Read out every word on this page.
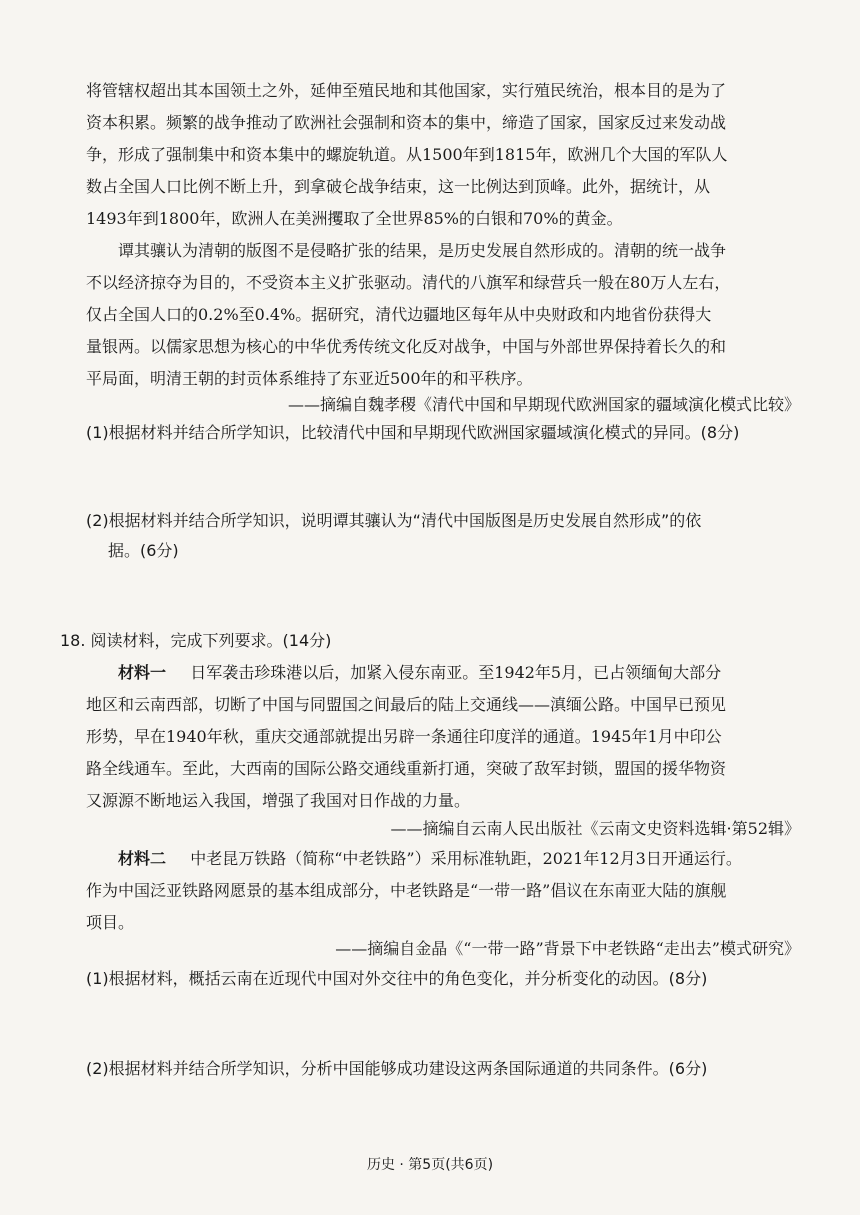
将管辖权超出其本国领土之外，延伸至殖民地和其他国家，实行殖民统治，根本目的是为了
资本积累。频繁的战争推动了欧洲社会强制和资本的集中，缔造了国家，国家反过来发动战
争，形成了强制集中和资本集中的螺旋轨道。从1500年到1815年，欧洲几个大国的军队人
数占全国人口比例不断上升，到拿破仑战争结束，这一比例达到顶峰。此外，据统计，从
1493年到1800年，欧洲人在美洲攫取了全世界85%的白银和70%的黄金。
谭其骧认为清朝的版图不是侵略扩张的结果，是历史发展自然形成的。清朝的统一战争
不以经济掠夺为目的，不受资本主义扩张驱动。清代的八旗军和绿营兵一般在80万人左右，
仅占全国人口的0.2%至0.4%。据研究，清代边疆地区每年从中央财政和内地省份获得大
量银两。以儒家思想为核心的中华优秀传统文化反对战争，中国与外部世界保持着长久的和
平局面，明清王朝的封贡体系维持了东亚近500年的和平秩序。
——摘编自魏孝稷《清代中国和早期现代欧洲国家的疆域演化模式比较》
(1)根据材料并结合所学知识，比较清代中国和早期现代欧洲国家疆域演化模式的异同。(8分)
(2)根据材料并结合所学知识，说明谭其骧认为“清代中国版图是历史发展自然形成”的依
据。(6分)
18. 阅读材料，完成下列要求。(14分)
材料一 日军袭击珍珠港以后，加紧入侵东南亚。至1942年5月，已占领缅甸大部分
地区和云南西部，切断了中国与同盟国之间最后的陆上交通线——滇缅公路。中国早已预见
形势，早在1940年秋，重庆交通部就提出另辟一条通往印度洋的通道。1945年1月中印公
路全线通车。至此，大西南的国际公路交通线重新打通，突破了敌军封锁，盟国的援华物资
又源源不断地运入我国，增强了我国对日作战的力量。
——摘编自云南人民出版社《云南文史资料选辑·第52辑》
材料二 中老昆万铁路（简称“中老铁路”）采用标准轨距，2021年12月3日开通运行。
作为中国泛亚铁路网愿景的基本组成部分，中老铁路是“一带一路”倡议在东南亚大陆的旗舰
项目。
——摘编自金晶《“一带一路”背景下中老铁路“走出去”模式研究》
(1)根据材料，概括云南在近现代中国对外交往中的角色变化，并分析变化的动因。(8分)
(2)根据材料并结合所学知识，分析中国能够成功建设这两条国际通道的共同条件。(6分)
历史 · 第5页(共6页)
